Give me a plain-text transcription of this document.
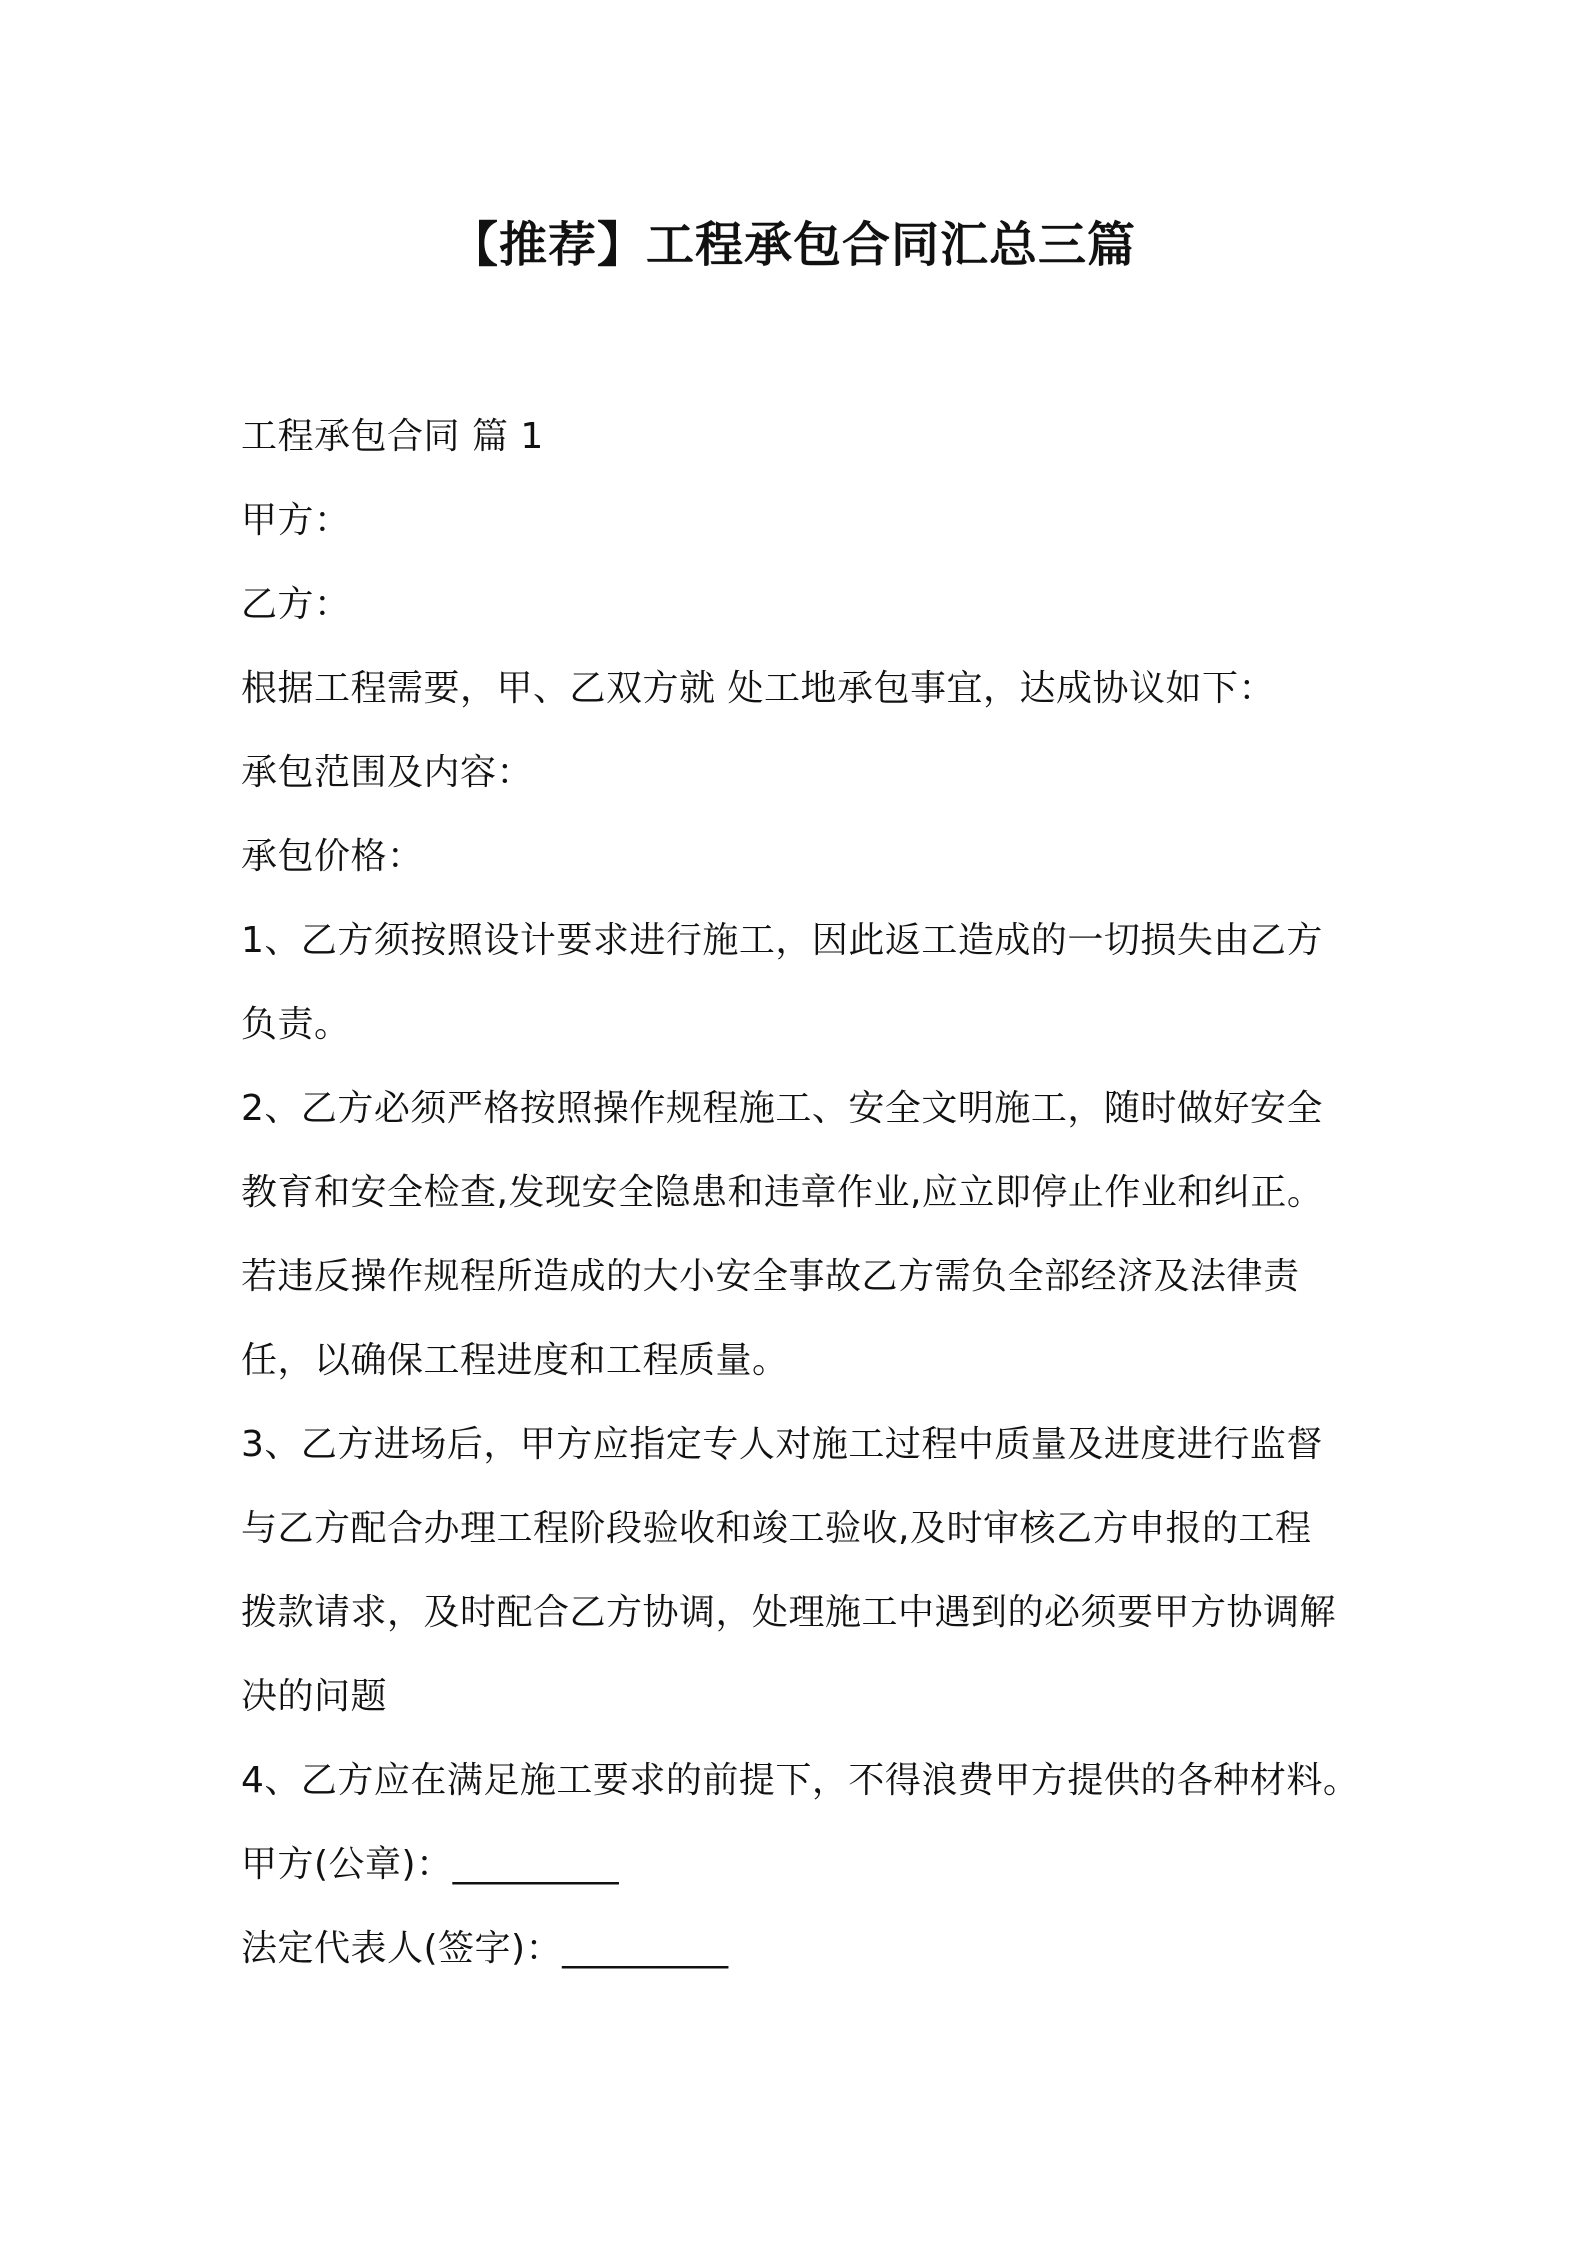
【推荐】工程承包合同汇总三篇
工程承包合同 篇 1
甲方：
乙方：
根据工程需要，甲、乙双方就 处工地承包事宜，达成协议如下：
承包范围及内容：
承包价格：
1、乙方须按照设计要求进行施工，因此返工造成的一切损失由乙方
负责。
2、乙方必须严格按照操作规程施工、安全文明施工，随时做好安全
教育和安全检查,发现安全隐患和违章作业,应立即停止作业和纠正。
若违反操作规程所造成的大小安全事故乙方需负全部经济及法律责
任，以确保工程进度和工程质量。
3、乙方进场后，甲方应指定专人对施工过程中质量及进度进行监督
与乙方配合办理工程阶段验收和竣工验收,及时审核乙方申报的工程
拨款请求，及时配合乙方协调，处理施工中遇到的必须要甲方协调解
决的问题
4、乙方应在满足施工要求的前提下，不得浪费甲方提供的各种材料。
甲方(公章)：_________
法定代表人(签字)：_________
